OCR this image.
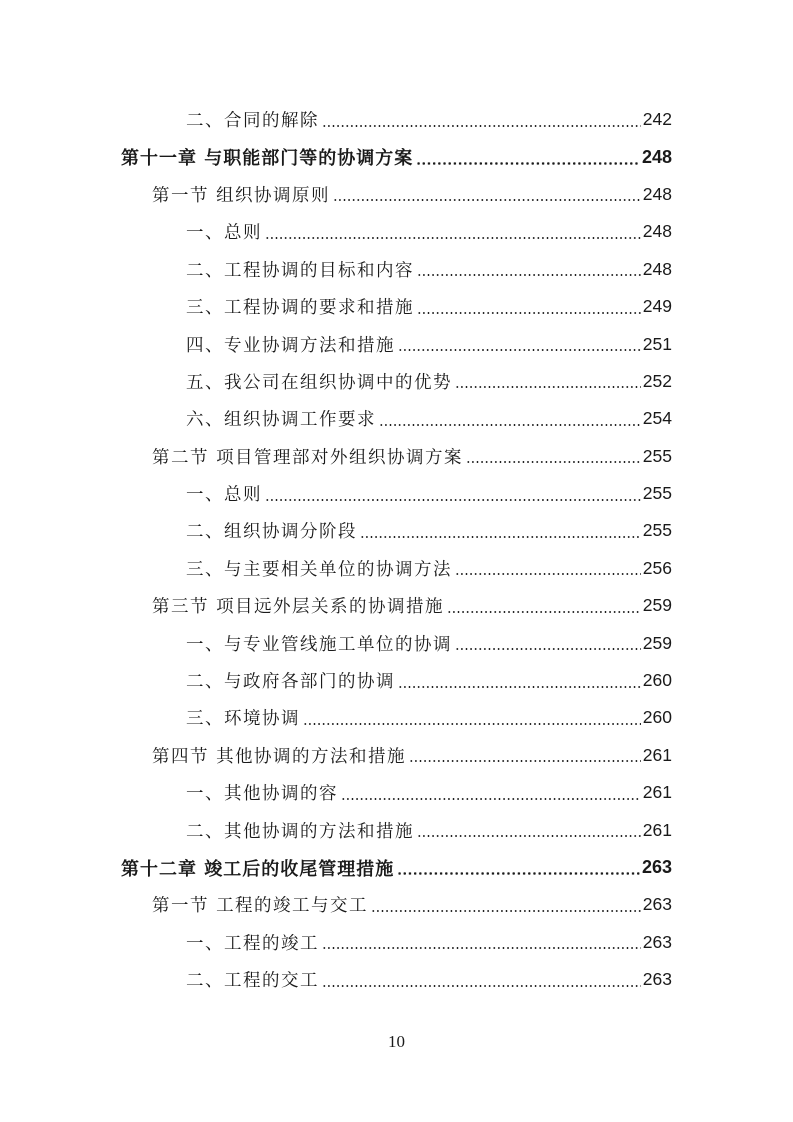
二、合同的解除	242
第十一章 与职能部门等的协调方案	248
第一节 组织协调原则	248
一、总则	248
二、工程协调的目标和内容	248
三、工程协调的要求和措施	249
四、专业协调方法和措施	251
五、我公司在组织协调中的优势	252
六、组织协调工作要求	254
第二节 项目管理部对外组织协调方案	255
一、总则	255
二、组织协调分阶段	255
三、与主要相关单位的协调方法	256
第三节 项目远外层关系的协调措施	259
一、与专业管线施工单位的协调	259
二、与政府各部门的协调	260
三、环境协调	260
第四节 其他协调的方法和措施	261
一、其他协调的容	261
二、其他协调的方法和措施	261
第十二章 竣工后的收尾管理措施	263
第一节 工程的竣工与交工	263
一、工程的竣工	263
二、工程的交工	263
10
